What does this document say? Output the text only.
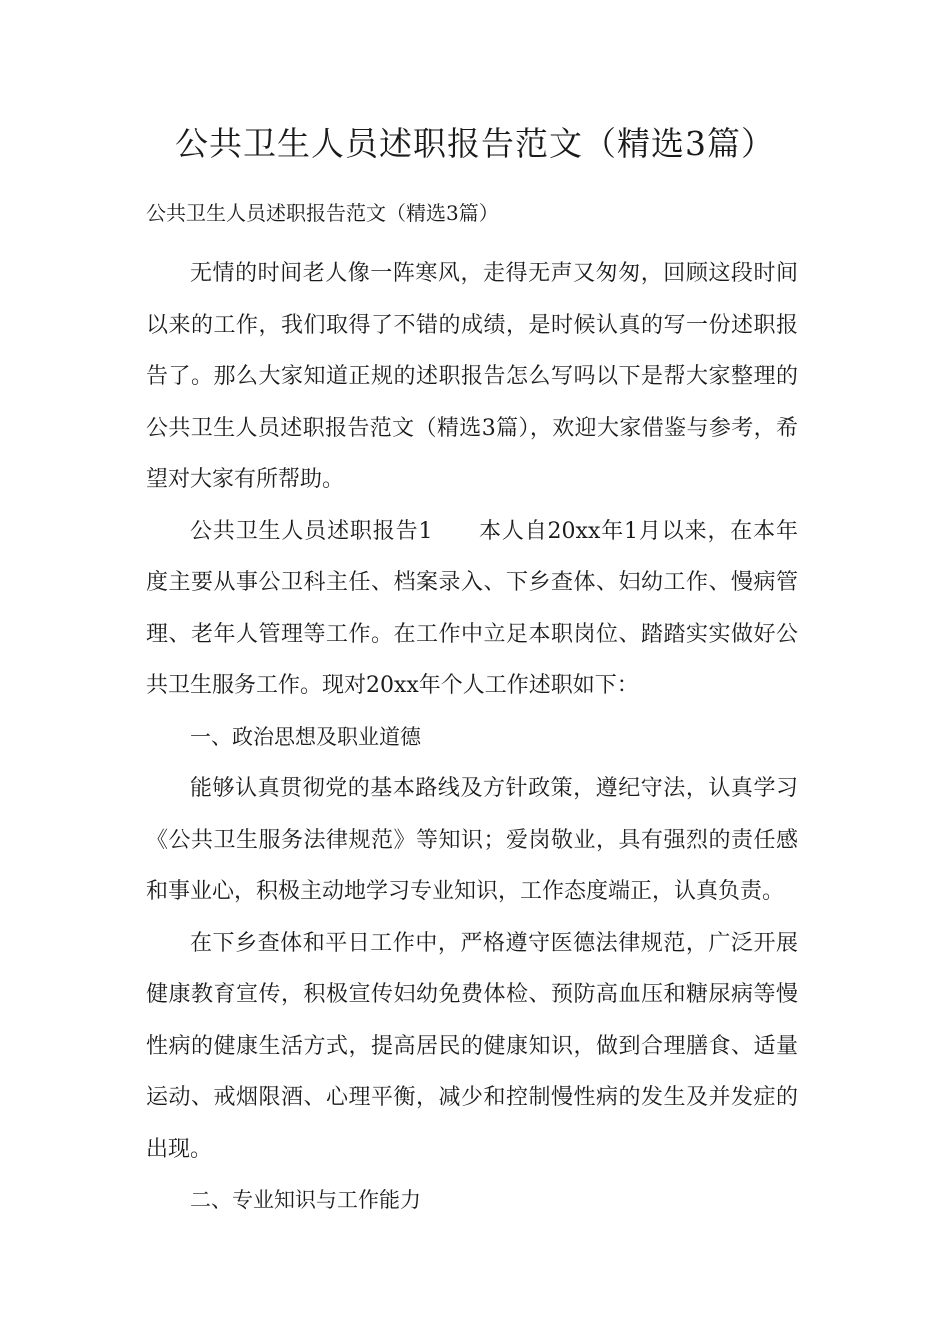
公共卫生人员述职报告范文（精选3篇）

公共卫生人员述职报告范文（精选3篇）

无情的时间老人像一阵寒风，走得无声又匆匆，回顾这段时间以来的工作，我们取得了不错的成绩，是时候认真的写一份述职报告了。那么大家知道正规的述职报告怎么写吗以下是帮大家整理的公共卫生人员述职报告范文（精选3篇），欢迎大家借鉴与参考，希望对大家有所帮助。

公共卫生人员述职报告1　　本人自20xx年1月以来，在本年度主要从事公卫科主任、档案录入、下乡查体、妇幼工作、慢病管理、老年人管理等工作。在工作中立足本职岗位、踏踏实实做好公共卫生服务工作。现对20xx年个人工作述职如下：

一、政治思想及职业道德

能够认真贯彻党的基本路线及方针政策，遵纪守法，认真学习《公共卫生服务法律规范》等知识；爱岗敬业，具有强烈的责任感和事业心，积极主动地学习专业知识，工作态度端正，认真负责。

在下乡查体和平日工作中，严格遵守医德法律规范，广泛开展健康教育宣传，积极宣传妇幼免费体检、预防高血压和糖尿病等慢性病的健康生活方式，提高居民的健康知识，做到合理膳食、适量运动、戒烟限酒、心理平衡，减少和控制慢性病的发生及并发症的出现。

二、专业知识与工作能力
